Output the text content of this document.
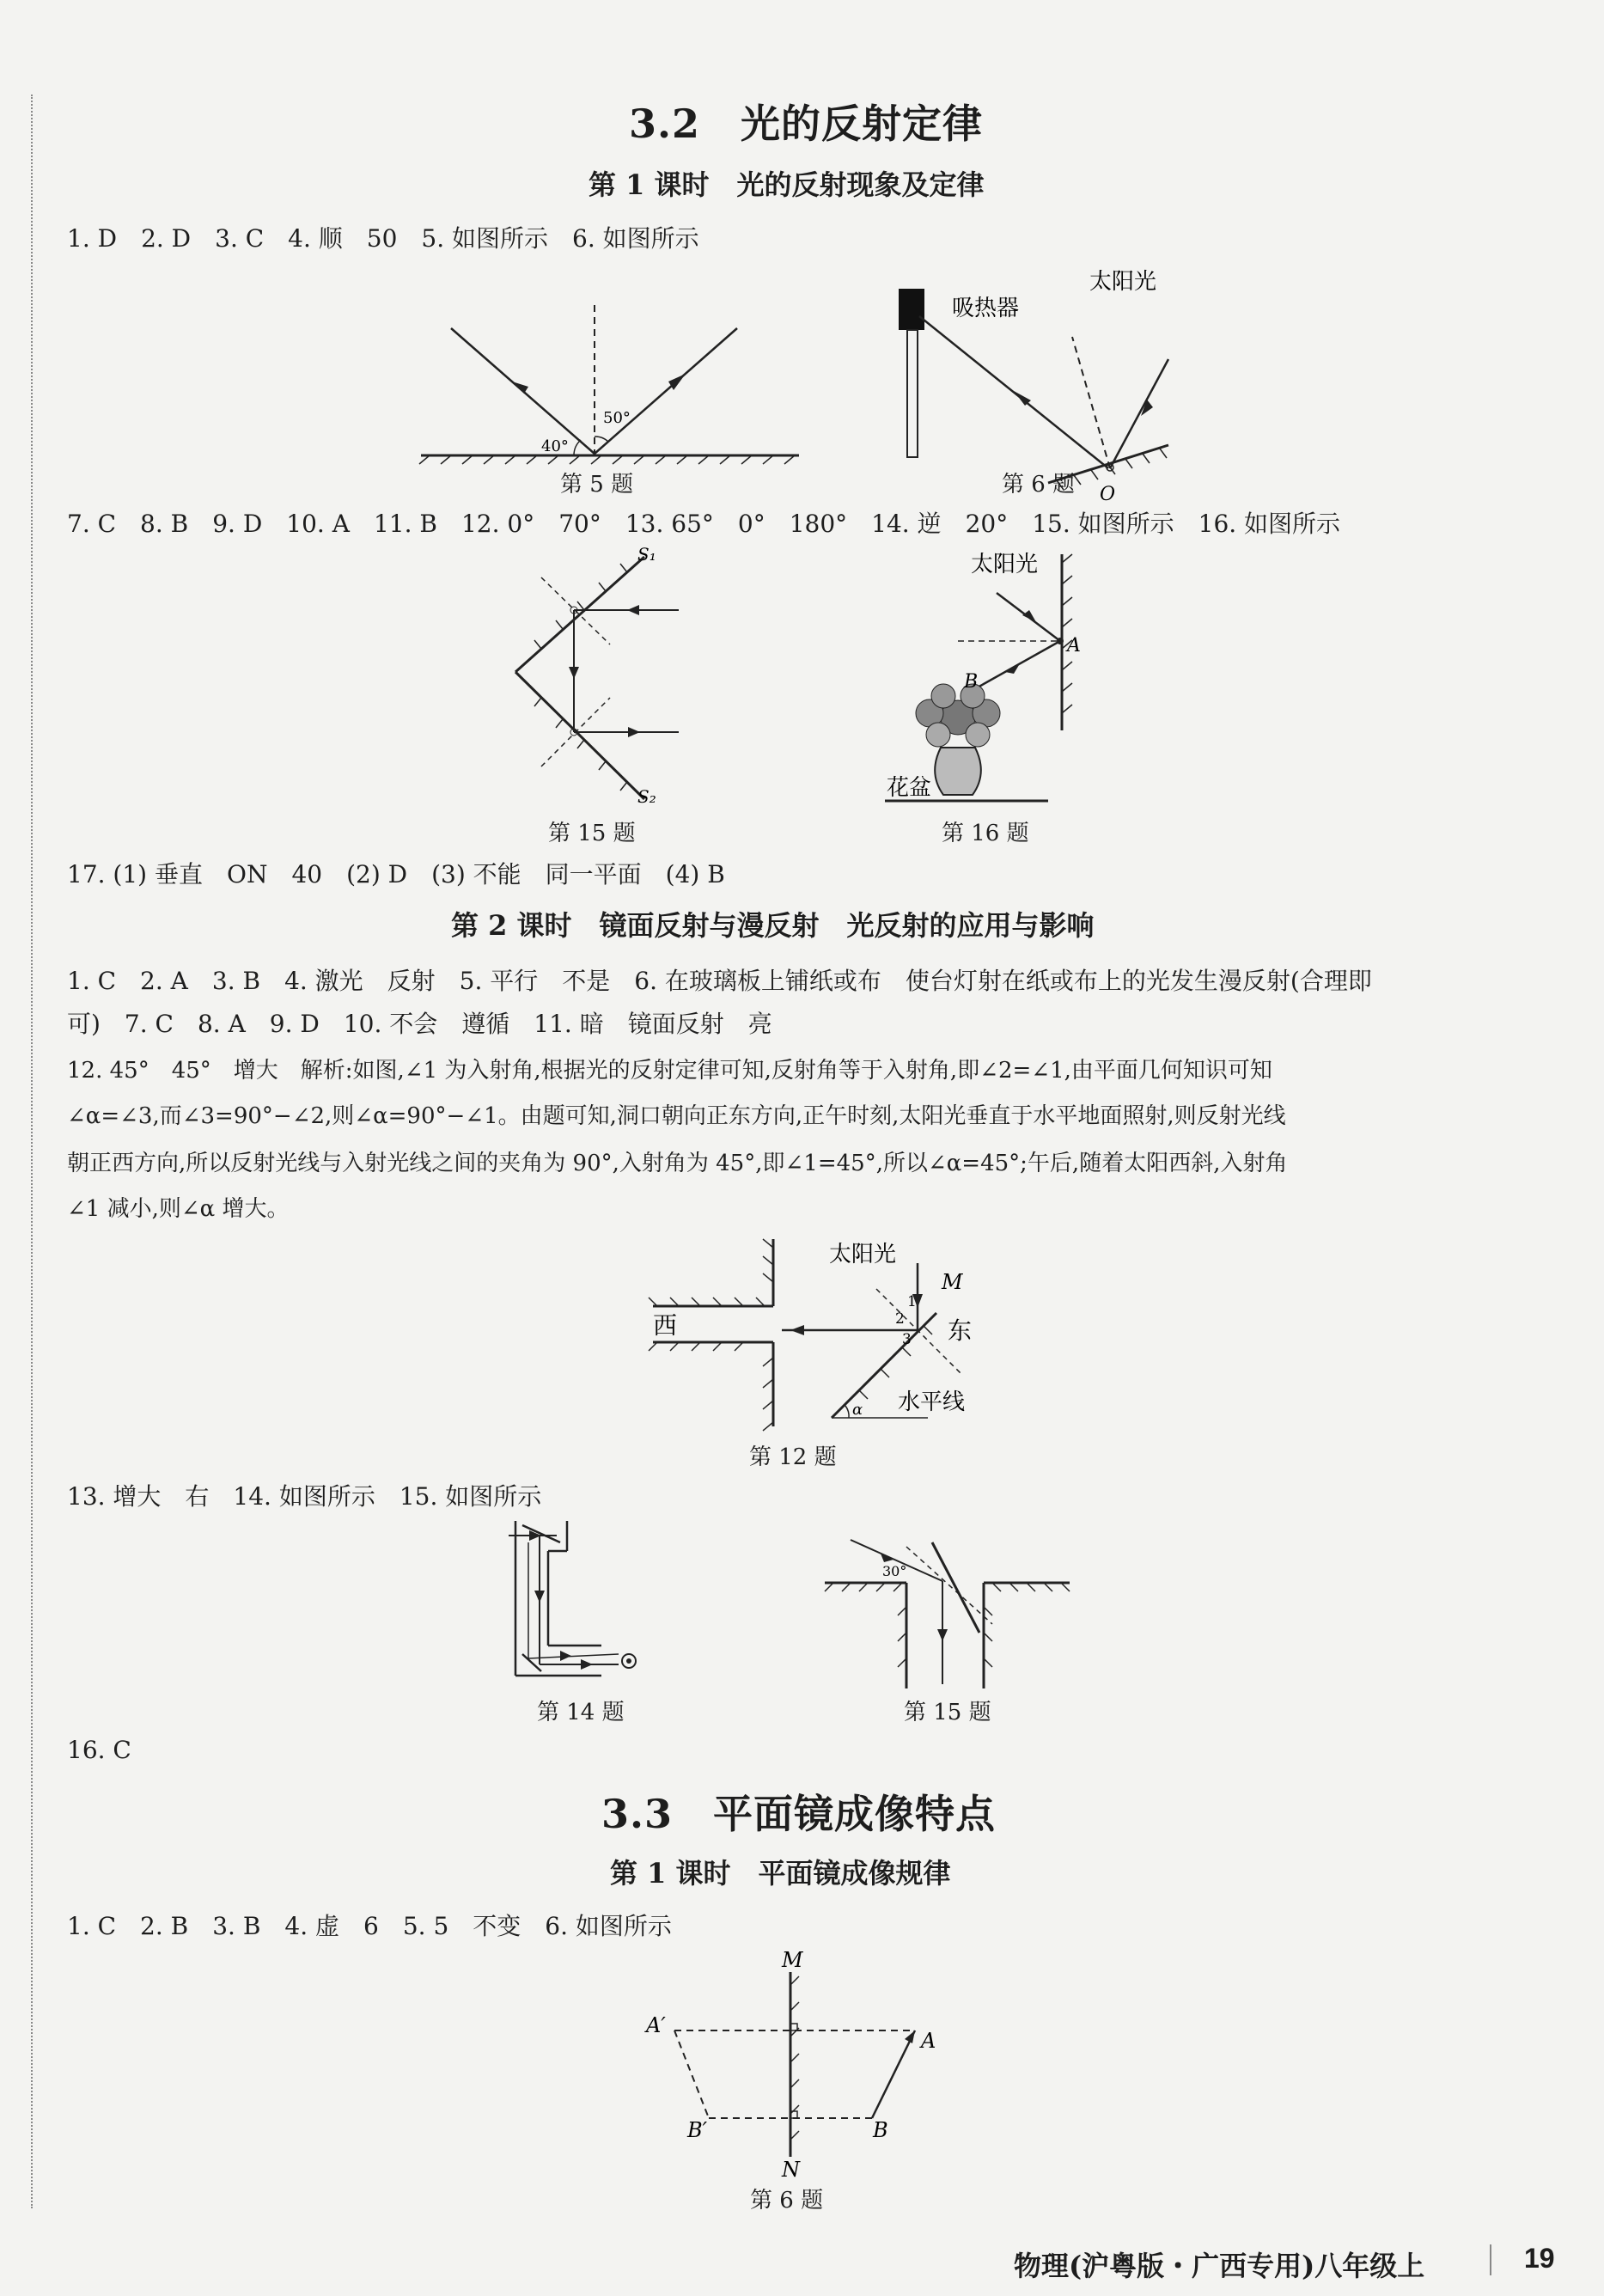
3.2　光的反射定律
第 1 课时　光的反射现象及定律
1. D　2. D　3. C　4. 顺　50　5. 如图所示　6. 如图所示
40°
50°
第 5 题
吸热器
太阳光
O
第 6 题
7. C　8. B　9. D　10. A　11. B　12. 0°　70°　13. 65°　0°　180°　14. 逆　20°　15. 如图所示　16. 如图所示
S₁
S₂
第 15 题
太阳光
A
B
花盆
第 16 题
17. (1) 垂直　ON　40　(2) D　(3) 不能　同一平面　(4) B
第 2 课时　镜面反射与漫反射　光反射的应用与影响
1. C　2. A　3. B　4. 激光　反射　5. 平行　不是　6. 在玻璃板上铺纸或布　使台灯射在纸或布上的光发生漫反射(合理即
可)　7. C　8. A　9. D　10. 不会　遵循　11. 暗　镜面反射　亮
12. 45°　45°　增大　解析:如图,∠1 为入射角,根据光的反射定律可知,反射角等于入射角,即∠2=∠1,由平面几何知识可知
∠α=∠3,而∠3=90°−∠2,则∠α=90°−∠1。由题可知,洞口朝向正东方向,正午时刻,太阳光垂直于水平地面照射,则反射光线
朝正西方向,所以反射光线与入射光线之间的夹角为 90°,入射角为 45°,即∠1=45°,所以∠α=45°;午后,随着太阳西斜,入射角
∠1 减小,则∠α 增大。
西	东
太阳光
M
1
2
3
α 水平线
第 12 题
13. 增大　右　14. 如图所示　15. 如图所示
第 14 题
30°
第 15 题
16. C
3.3　平面镜成像特点
第 1 课时　平面镜成像规律
1. C　2. B　3. B　4. 虚　6　5. 5　不变　6. 如图所示
M
N
A′
A
B′	B
第 6 题
物理(沪粤版・广西专用)八年级上	19
